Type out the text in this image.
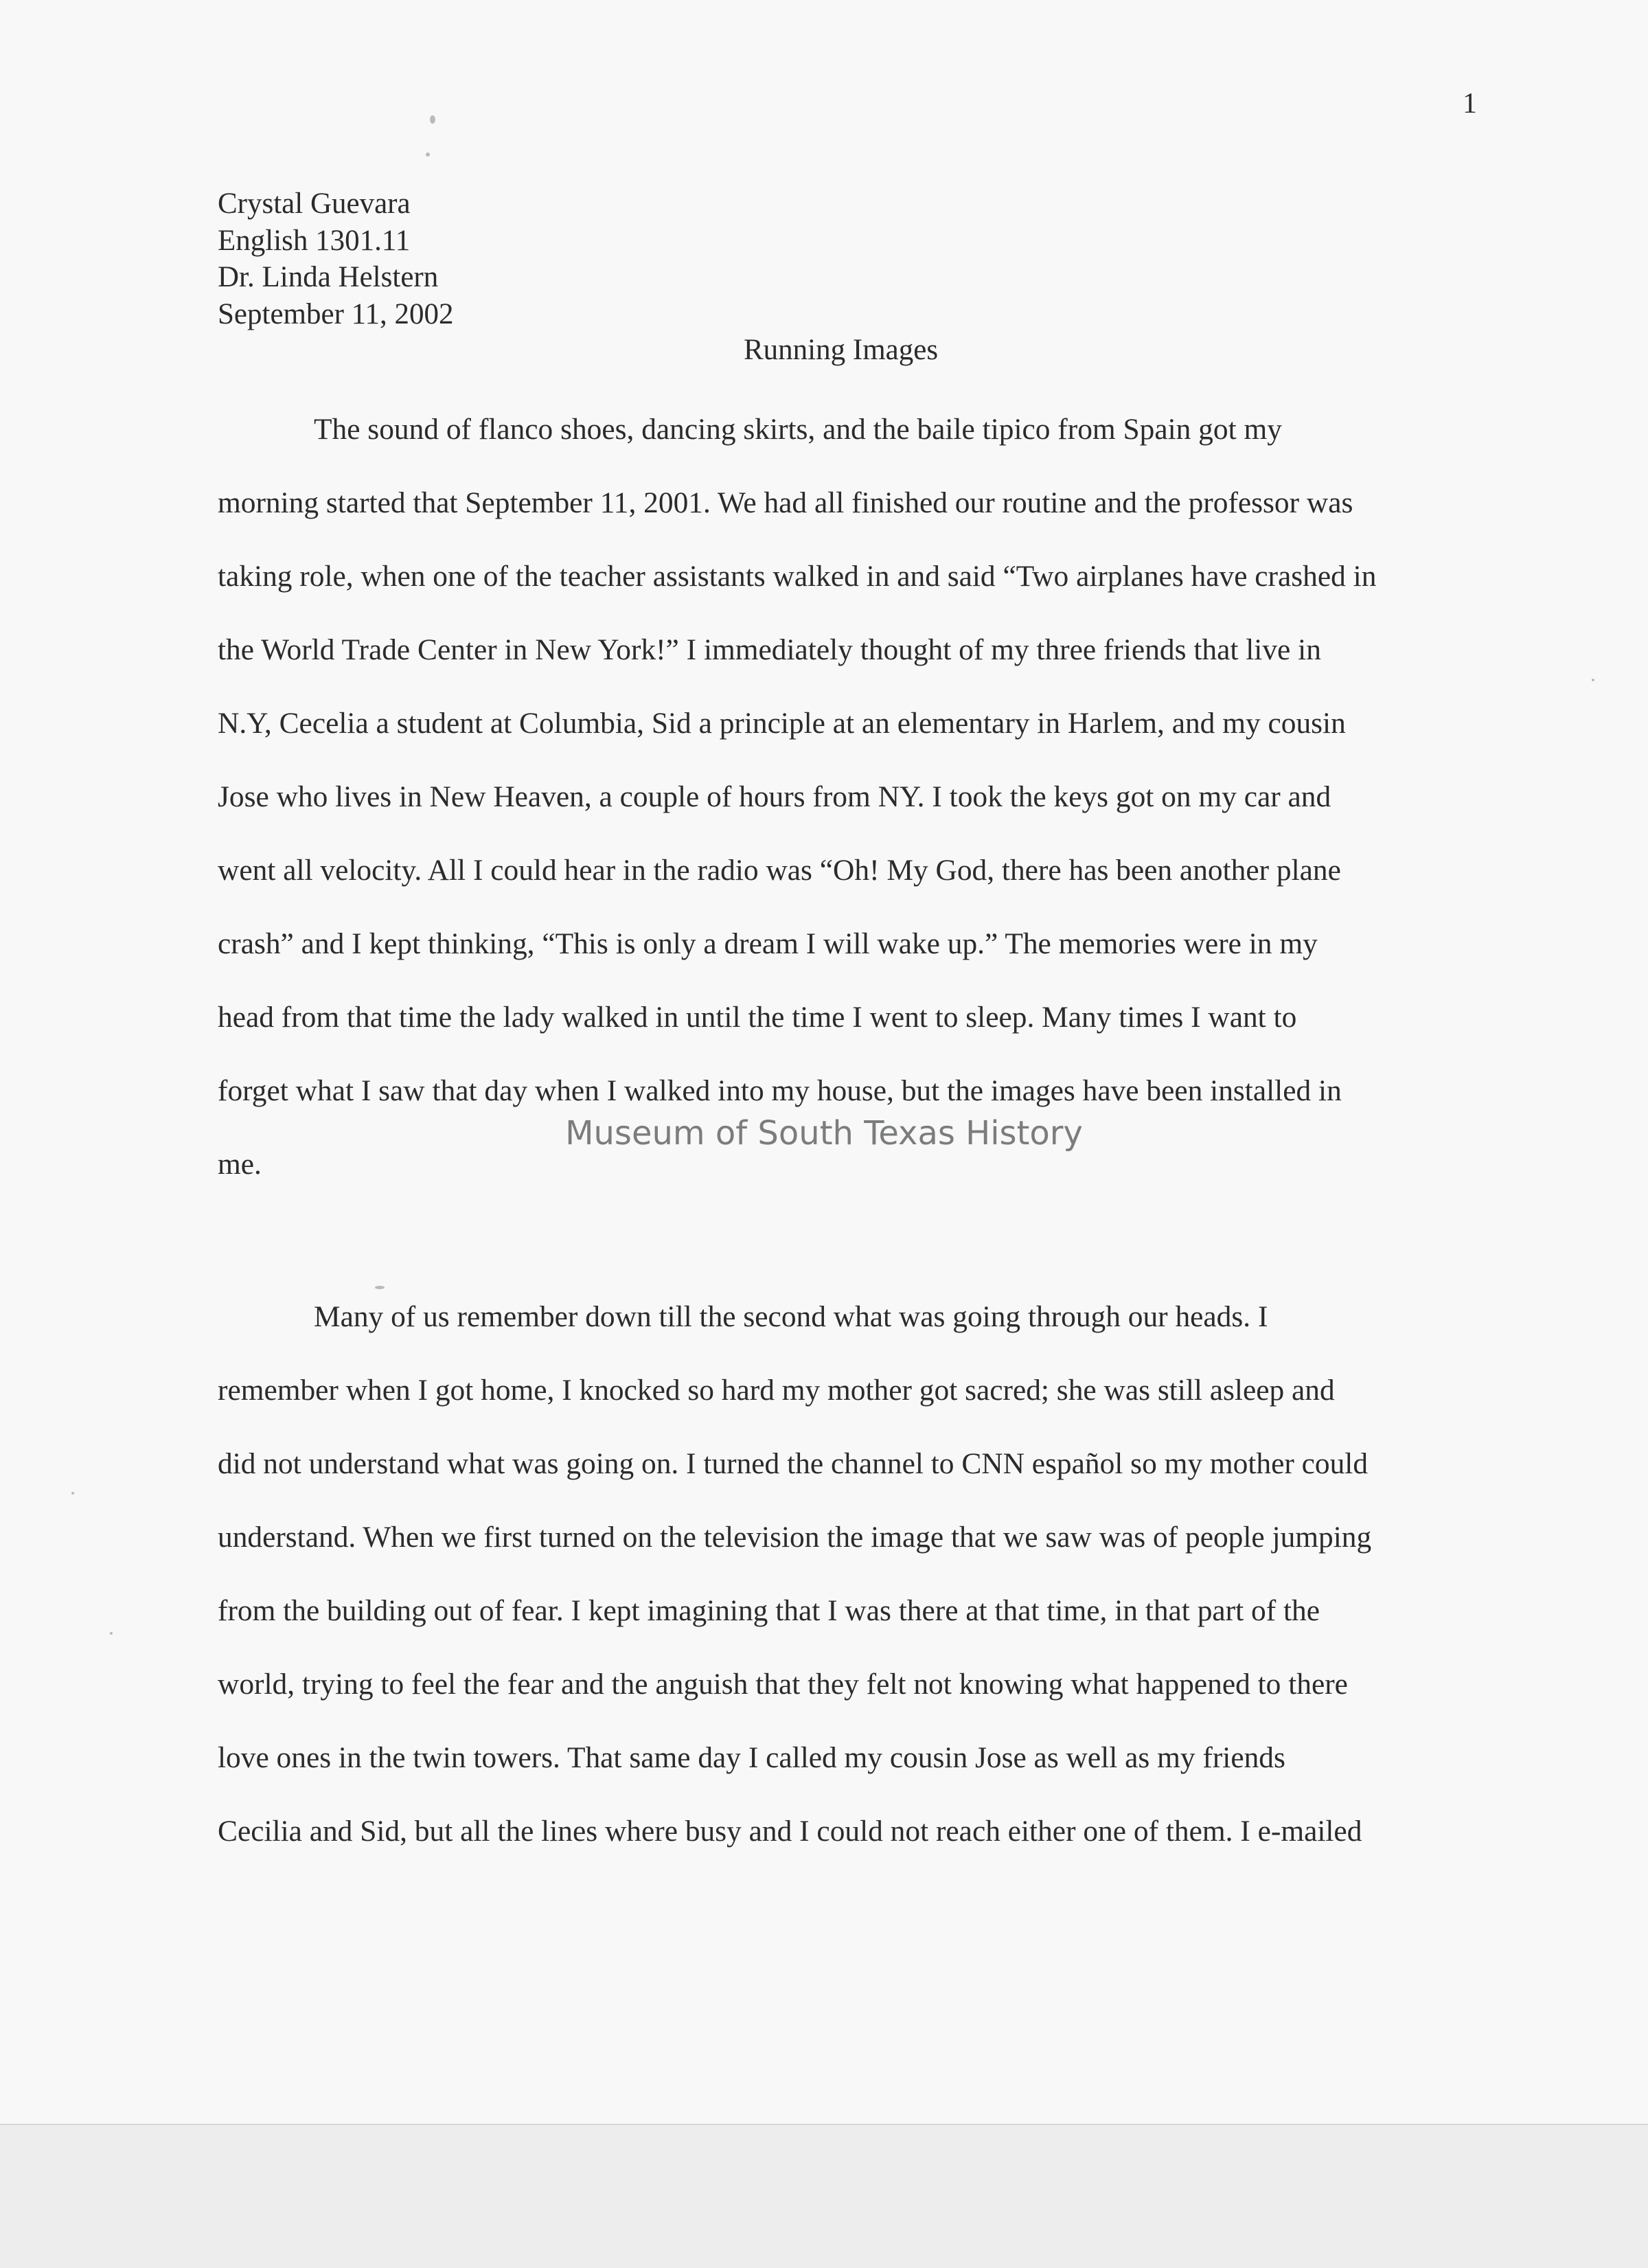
1
Crystal Guevara
English 1301.11
Dr. Linda Helstern
September 11, 2002
Running Images
The sound of flanco shoes, dancing skirts, and the baile tipico from Spain got my
morning started that September 11, 2001. We had all finished our routine and the professor was
taking role, when one of the teacher assistants walked in and said “Two airplanes have crashed in
the World Trade Center in New York!” I immediately thought of my three friends that live in
N.Y, Cecelia a student at Columbia, Sid a principle at an elementary in Harlem, and my cousin
Jose who lives in New Heaven, a couple of hours from NY. I took the keys got on my car and
went all velocity. All I could hear in the radio was “Oh! My God, there has been another plane
crash” and I kept thinking, “This is only a dream I will wake up.” The memories were in my
head from that time the lady walked in until the time I went to sleep. Many times I want to
forget what I saw that day when I walked into my house, but the images have been installed in
me.
Museum of South Texas History
Many of us remember down till the second what was going through our heads. I
remember when I got home, I knocked so hard my mother got sacred; she was still asleep and
did not understand what was going on. I turned the channel to CNN español so my mother could
understand. When we first turned on the television the image that we saw was of people jumping
from the building out of fear. I kept imagining that I was there at that time, in that part of the
world, trying to feel the fear and the anguish that they felt not knowing what happened to there
love ones in the twin towers. That same day I called my cousin Jose as well as my friends
Cecilia and Sid, but all the lines where busy and I could not reach either one of them. I e-mailed
